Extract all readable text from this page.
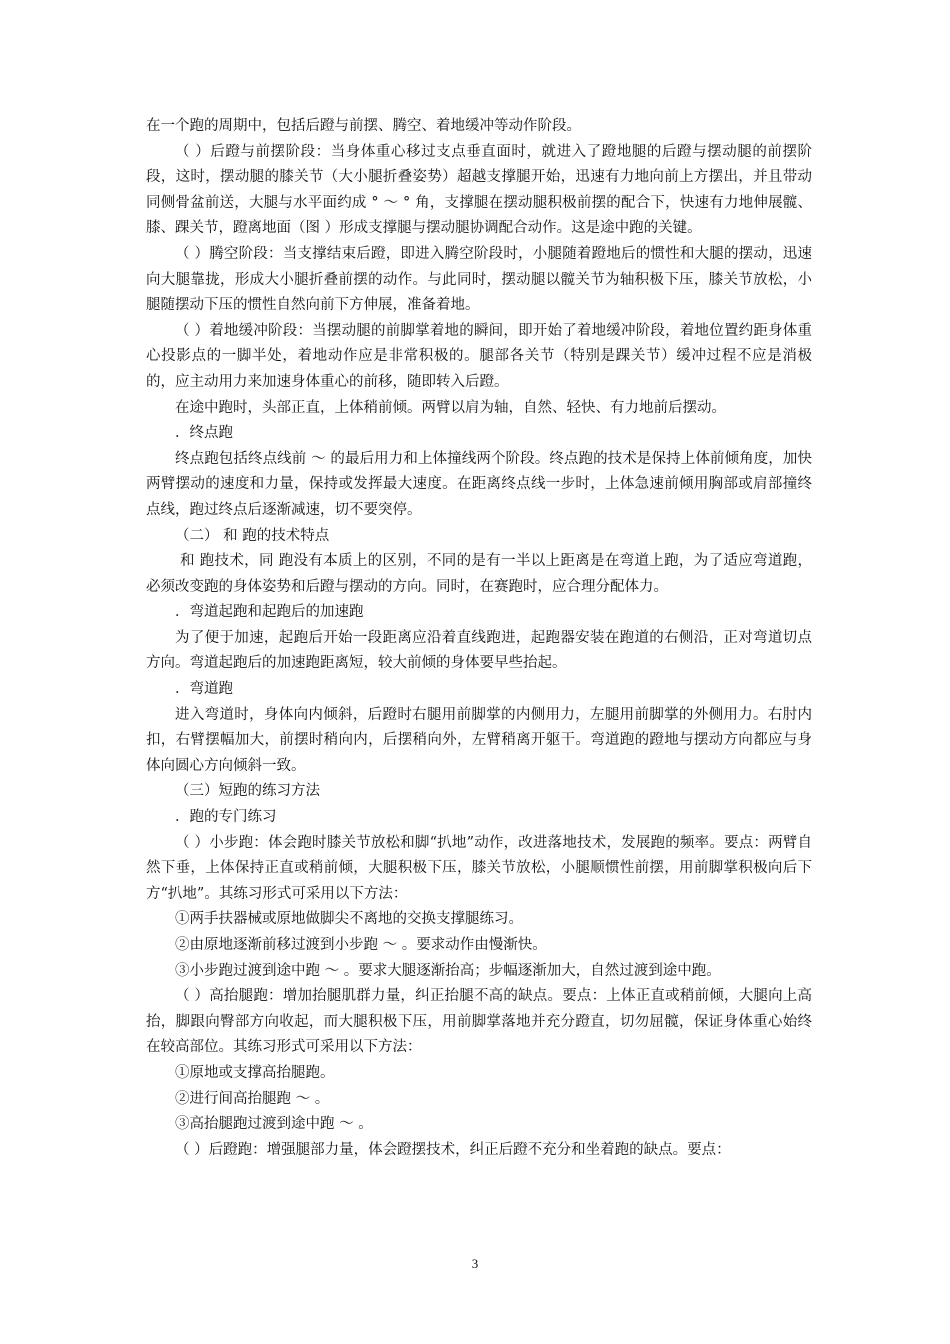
在一个跑的周期中，包括后蹬与前摆、腾空、着地缓冲等动作阶段。

（ ）后蹬与前摆阶段：当身体重心移过支点垂直面时，就进入了蹬地腿的后蹬与摆动腿的前摆阶段，这时，摆动腿的膝关节（大小腿折叠姿势）超越支撑腿开始，迅速有力地向前上方摆出，并且带动同侧骨盆前送，大腿与水平面约成 ° ～ ° 角，支撑腿在摆动腿积极前摆的配合下，快速有力地伸展髋、膝、踝关节，蹬离地面（图 ）形成支撑腿与摆动腿协调配合动作。这是途中跑的关键。

（ ）腾空阶段：当支撑结束后蹬，即进入腾空阶段时，小腿随着蹬地后的惯性和大腿的摆动，迅速向大腿靠拢，形成大小腿折叠前摆的动作。与此同时，摆动腿以髋关节为轴积极下压，膝关节放松，小腿随摆动下压的惯性自然向前下方伸展，准备着地。

（ ）着地缓冲阶段：当摆动腿的前脚掌着地的瞬间，即开始了着地缓冲阶段，着地位置约距身体重心投影点的一脚半处，着地动作应是非常积极的。腿部各关节（特别是踝关节）缓冲过程不应是消极的，应主动用力来加速身体重心的前移，随即转入后蹬。

在途中跑时，头部正直，上体稍前倾。两臂以肩为轴，自然、轻快、有力地前后摆动。

．终点跑

终点跑包括终点线前 ～ 的最后用力和上体撞线两个阶段。终点跑的技术是保持上体前倾角度，加快两臂摆动的速度和力量，保持或发挥最大速度。在距离终点线一步时，上体急速前倾用胸部或肩部撞终点线，跑过终点后逐渐减速，切不要突停。

（二） 和 跑的技术特点

和 跑技术，同 跑没有本质上的区别，不同的是有一半以上距离是在弯道上跑，为了适应弯道跑，必须改变跑的身体姿势和后蹬与摆动的方向。同时，在赛跑时，应合理分配体力。

．弯道起跑和起跑后的加速跑

为了便于加速，起跑后开始一段距离应沿着直线跑进，起跑器安装在跑道的右侧沿，正对弯道切点方向。弯道起跑后的加速跑距离短，较大前倾的身体要早些抬起。

．弯道跑

进入弯道时，身体向内倾斜，后蹬时右腿用前脚掌的内侧用力，左腿用前脚掌的外侧用力。右肘内扣，右臂摆幅加大，前摆时稍向内，后摆稍向外，左臂稍离开躯干。弯道跑的蹬地与摆动方向都应与身体向圆心方向倾斜一致。

（三）短跑的练习方法

．跑的专门练习

（ ）小步跑：体会跑时膝关节放松和脚“扒地”动作，改进落地技术，发展跑的频率。要点：两臂自然下垂，上体保持正直或稍前倾，大腿积极下压，膝关节放松，小腿顺惯性前摆，用前脚掌积极向后下方“扒地”。其练习形式可采用以下方法：

①两手扶器械或原地做脚尖不离地的交换支撑腿练习。

②由原地逐渐前移过渡到小步跑 ～ 。要求动作由慢渐快。

③小步跑过渡到途中跑 ～ 。要求大腿逐渐抬高；步幅逐渐加大，自然过渡到途中跑。

（ ）高抬腿跑：增加抬腿肌群力量，纠正抬腿不高的缺点。要点：上体正直或稍前倾，大腿向上高抬，脚跟向臀部方向收起，而大腿积极下压，用前脚掌落地并充分蹬直，切勿屈髋，保证身体重心始终在较高部位。其练习形式可采用以下方法：

①原地或支撑高抬腿跑。

②进行间高抬腿跑 ～ 。

③高抬腿跑过渡到途中跑 ～ 。

（ ）后蹬跑：增强腿部力量，体会蹬摆技术，纠正后蹬不充分和坐着跑的缺点。要点：

3
